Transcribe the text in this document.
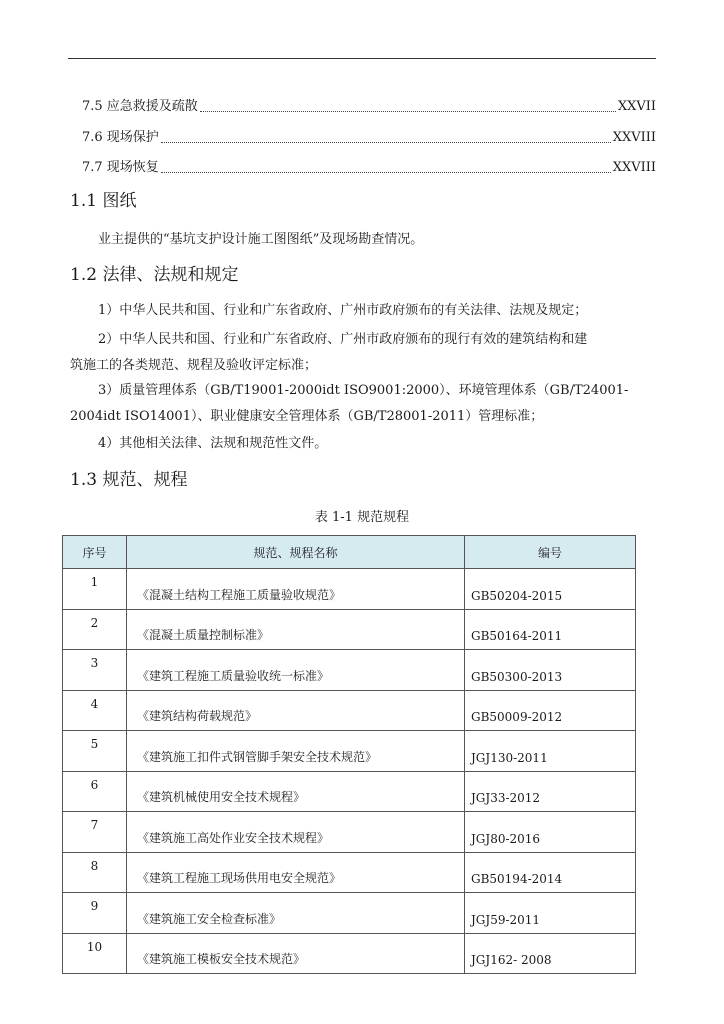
7.5 应急救援及疏散	XXVII
7.6 现场保护	XXVIII
7.7 现场恢复	XXVIII
1.1 图纸
业主提供的“基坑支护设计施工图图纸”及现场勘查情况。
1.2 法律、法规和规定
1）中华人民共和国、行业和广东省政府、广州市政府颁布的有关法律、法规及规定；
2）中华人民共和国、行业和广东省政府、广州市政府颁布的现行有效的建筑结构和建
筑施工的各类规范、规程及验收评定标准；
3）质量管理体系（GB/T19001-2000idt ISO9001:2000）、环境管理体系（GB/T24001-
2004idt ISO14001）、职业健康安全管理体系（GB/T28001-2011）管理标准；
4）其他相关法律、法规和规范性文件。
1.3 规范、规程
表 1-1 规范规程
序号	规范、规程名称	编号
1	《混凝土结构工程施工质量验收规范》	GB50204-2015
2	《混凝土质量控制标准》	GB50164-2011
3	《建筑工程施工质量验收统一标准》	GB50300-2013
4	《建筑结构荷载规范》	GB50009-2012
5	《建筑施工扣件式钢管脚手架安全技术规范》	JGJ130-2011
6	《建筑机械使用安全技术规程》	JGJ33-2012
7	《建筑施工高处作业安全技术规程》	JGJ80-2016
8	《建筑工程施工现场供用电安全规范》	GB50194-2014
9	《建筑施工安全检查标准》	JGJ59-2011
10	《建筑施工模板安全技术规范》	JGJ162- 2008
